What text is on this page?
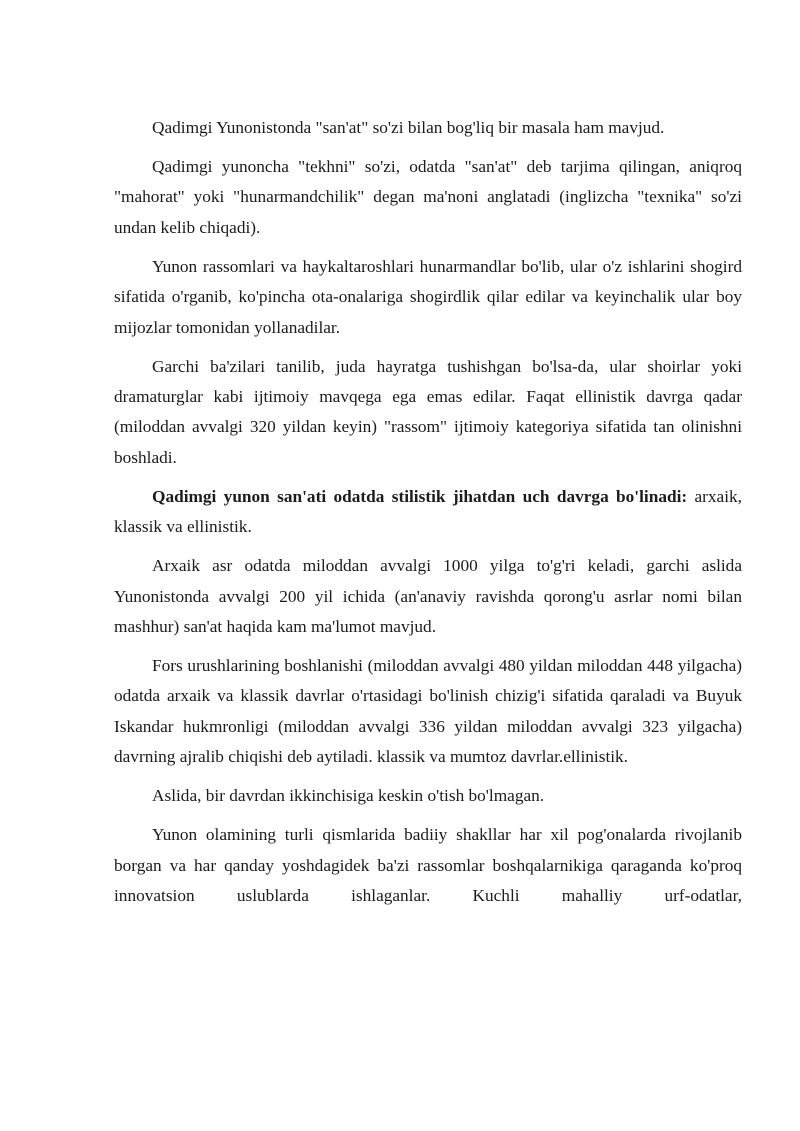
Qadimgi Yunonistonda "san'at" so'zi bilan bog'liq bir masala ham mavjud.

Qadimgi yunoncha "tekhni" so'zi, odatda "san'at" deb tarjima qilingan, aniqroq "mahorat" yoki "hunarmandchilik" degan ma'noni anglatadi (inglizcha "texnika" so'zi undan kelib chiqadi).

Yunon rassomlari va haykaltaroshlari hunarmandlar bo'lib, ular o'z ishlarini shogird sifatida o'rganib, ko'pincha ota-onalariga shogirdlik qilar edilar va keyinchalik ular boy mijozlar tomonidan yollanadilar.

Garchi ba'zilari tanilib, juda hayratga tushishgan bo'lsa-da, ular shoirlar yoki dramaturglar kabi ijtimoiy mavqega ega emas edilar. Faqat ellinistik davrga qadar (miloddan avvalgi 320 yildan keyin) "rassom" ijtimoiy kategoriya sifatida tan olinishni boshladi.

Qadimgi yunon san'ati odatda stilistik jihatdan uch davrga bo'linadi: arxaik, klassik va ellinistik.

Arxaik asr odatda miloddan avvalgi 1000 yilga to'g'ri keladi, garchi aslida Yunonistonda avvalgi 200 yil ichida (an'anaviy ravishda qorong'u asrlar nomi bilan mashhur) san'at haqida kam ma'lumot mavjud.

Fors urushlarining boshlanishi (miloddan avvalgi 480 yildan miloddan 448 yilgacha) odatda arxaik va klassik davrlar o'rtasidagi bo'linish chizig'i sifatida qaraladi va Buyuk Iskandar hukmronligi (miloddan avvalgi 336 yildan miloddan avvalgi 323 yilgacha) davrning ajralib chiqishi deb aytiladi. klassik va mumtoz davrlar.ellinistik.

Aslida, bir davrdan ikkinchisiga keskin o'tish bo'lmagan.

Yunon olamining turli qismlarida badiiy shakllar har xil pog'onalarda rivojlanib borgan va har qanday yoshdagidek ba'zi rassomlar boshqalarnikiga qaraganda ko'proq innovatsion uslublarda ishlaganlar. Kuchli mahalliy urf-odatlar,
